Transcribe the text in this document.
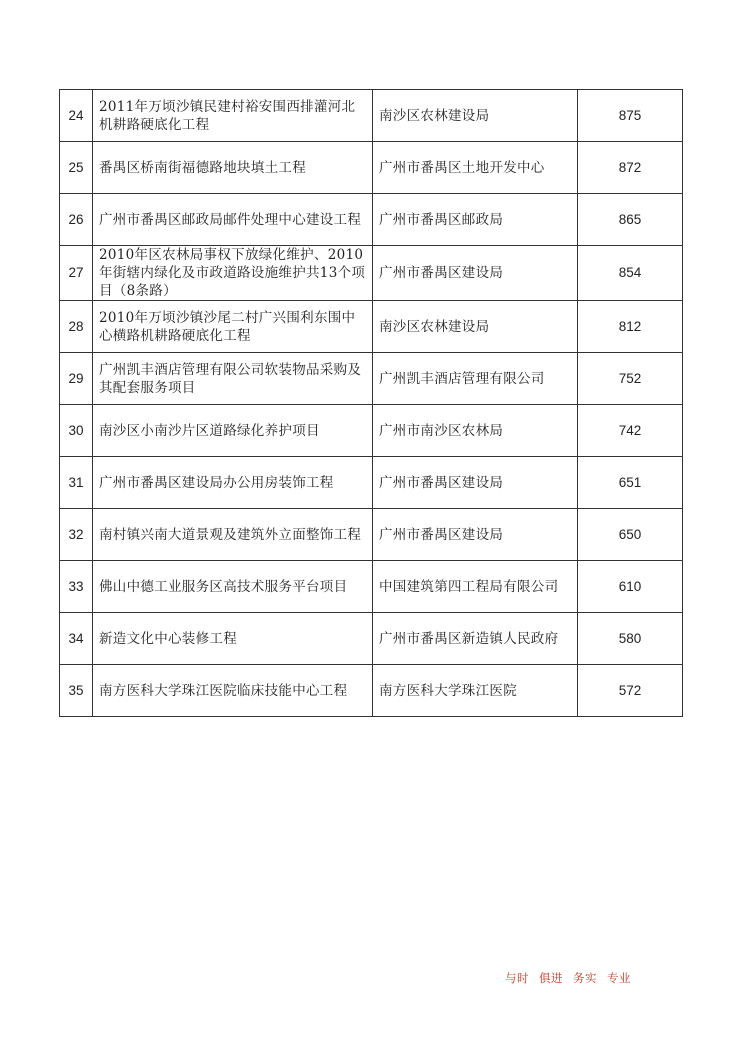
24	2011年万顷沙镇民建村裕安围西排灌河北机耕路硬底化工程	南沙区农林建设局	875
25	番禺区桥南街福德路地块填土工程	广州市番禺区土地开发中心	872
26	广州市番禺区邮政局邮件处理中心建设工程	广州市番禺区邮政局	865
27	2010年区农林局事权下放绿化维护、2010年街辖内绿化及市政道路设施维护共13个项目（8条路）	广州市番禺区建设局	854
28	2010年万顷沙镇沙尾二村广兴围利东围中心横路机耕路硬底化工程	南沙区农林建设局	812
29	广州凯丰酒店管理有限公司软装物品采购及其配套服务项目	广州凯丰酒店管理有限公司	752
30	南沙区小南沙片区道路绿化养护项目	广州市南沙区农林局	742
31	广州市番禺区建设局办公用房装饰工程	广州市番禺区建设局	651
32	南村镇兴南大道景观及建筑外立面整饰工程	广州市番禺区建设局	650
33	佛山中德工业服务区高技术服务平台项目	中国建筑第四工程局有限公司	610
34	新造文化中心装修工程	广州市番禺区新造镇人民政府	580
35	南方医科大学珠江医院临床技能中心工程	南方医科大学珠江医院	572
与时 俱进 务实 专业
